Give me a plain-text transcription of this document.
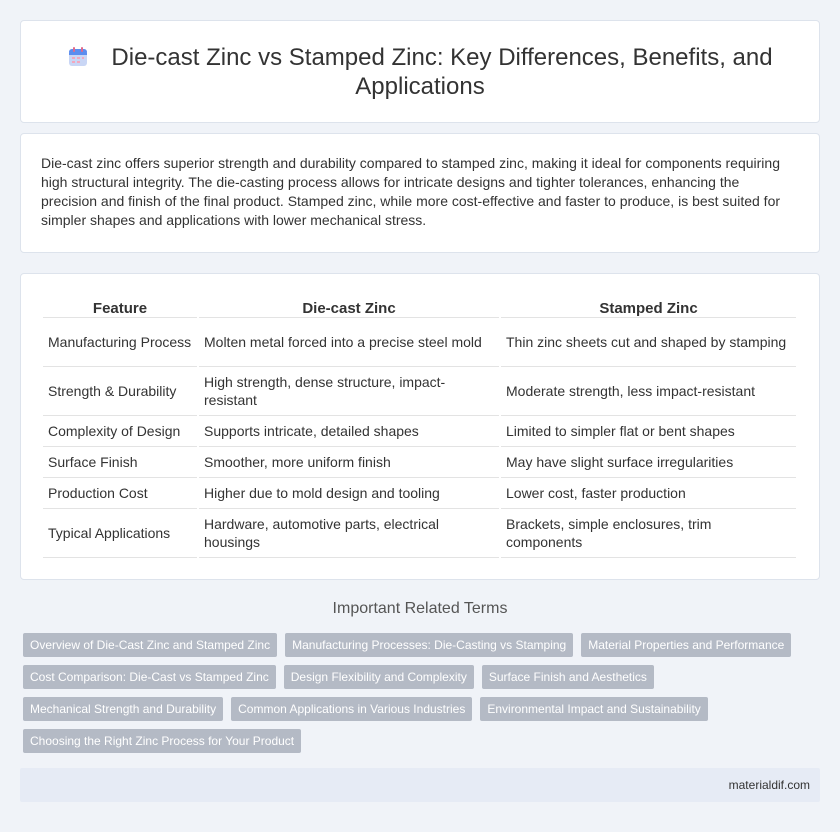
Die-cast Zinc vs Stamped Zinc: Key Differences, Benefits, and
Applications

Die-cast zinc offers superior strength and durability compared to stamped zinc, making it ideal for components requiring high structural integrity. The die-casting process allows for intricate designs and tighter tolerances, enhancing the precision and finish of the final product. Stamped zinc, while more cost-effective and faster to produce, is best suited for simpler shapes and applications with lower mechanical stress.

Feature	Die-cast Zinc	Stamped Zinc
Manufacturing Process	Molten metal forced into a precise steel mold	Thin zinc sheets cut and shaped by stamping
Strength & Durability	High strength, dense structure, impact-resistant	Moderate strength, less impact-resistant
Complexity of Design	Supports intricate, detailed shapes	Limited to simpler flat or bent shapes
Surface Finish	Smoother, more uniform finish	May have slight surface irregularities
Production Cost	Higher due to mold design and tooling	Lower cost, faster production
Typical Applications	Hardware, automotive parts, electrical housings	Brackets, simple enclosures, trim components
Important Related Terms
Overview of Die-Cast Zinc and Stamped Zinc	Manufacturing Processes: Die-Casting vs Stamping	Material Properties and Performance
Cost Comparison: Die-Cast vs Stamped Zinc	Design Flexibility and Complexity	Surface Finish and Aesthetics
Mechanical Strength and Durability	Common Applications in Various Industries	Environmental Impact and Sustainability
Choosing the Right Zinc Process for Your Product
materialdif.com
